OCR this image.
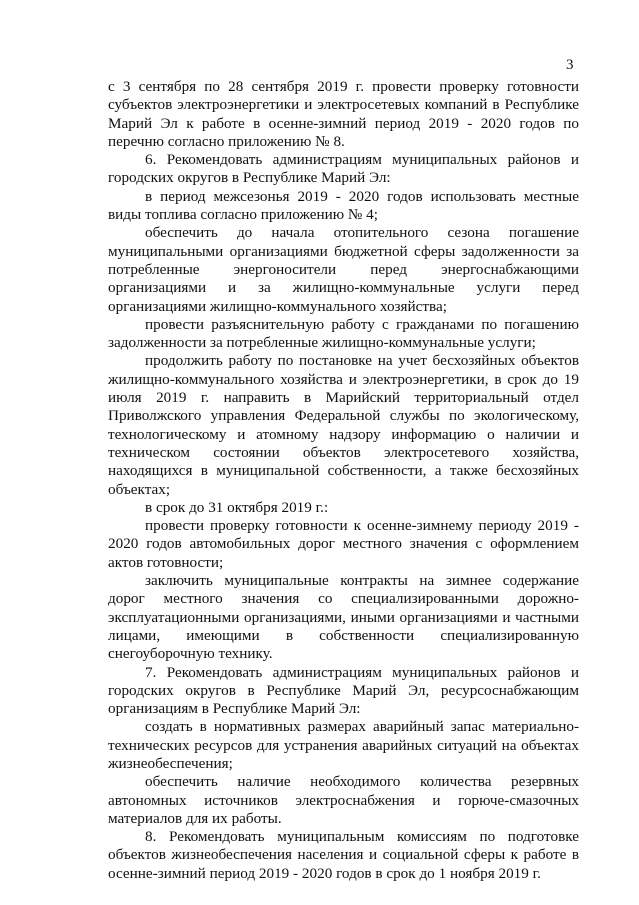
3

с 3 сентября по 28 сентября 2019 г. провести проверку готовности субъектов электроэнергетики и электросетевых компаний в Республике Марий Эл к работе в осенне-зимний период 2019 - 2020 годов по перечню согласно приложению № 8.

6. Рекомендовать администрациям муниципальных районов и городских округов в Республике Марий Эл:

в период межсезонья 2019 - 2020 годов использовать местные виды топлива согласно приложению № 4;

обеспечить до начала отопительного сезона погашение муниципальными организациями бюджетной сферы задолженности за потребленные энергоносители перед энергоснабжающими организациями и за жилищно-коммунальные услуги перед организациями жилищно-коммунального хозяйства;

провести разъяснительную работу с гражданами по погашению задолженности за потребленные жилищно-коммунальные услуги;

продолжить работу по постановке на учет бесхозяйных объектов жилищно-коммунального хозяйства и электроэнергетики, в срок до 19 июля 2019 г. направить в Марийский территориальный отдел Приволжского управления Федеральной службы по экологическому, технологическому и атомному надзору информацию о наличии и техническом состоянии объектов электросетевого хозяйства, находящихся в муниципальной собственности, а также бесхозяйных объектах;

в срок до 31 октября 2019 г.:

провести проверку готовности к осенне-зимнему периоду 2019 - 2020 годов автомобильных дорог местного значения с оформлением актов готовности;

заключить муниципальные контракты на зимнее содержание дорог местного значения со специализированными дорожно-эксплуатационными организациями, иными организациями и частными лицами, имеющими в собственности специализированную снегоуборочную технику.

7. Рекомендовать администрациям муниципальных районов и городских округов в Республике Марий Эл, ресурсоснабжающим организациям в Республике Марий Эл:

создать в нормативных размерах аварийный запас материально-технических ресурсов для устранения аварийных ситуаций на объектах жизнеобеспечения;

обеспечить наличие необходимого количества резервных автономных источников электроснабжения и горюче-смазочных материалов для их работы.

8. Рекомендовать муниципальным комиссиям по подготовке объектов жизнеобеспечения населения и социальной сферы к работе в осенне-зимний период 2019 - 2020 годов в срок до 1 ноября 2019 г.
